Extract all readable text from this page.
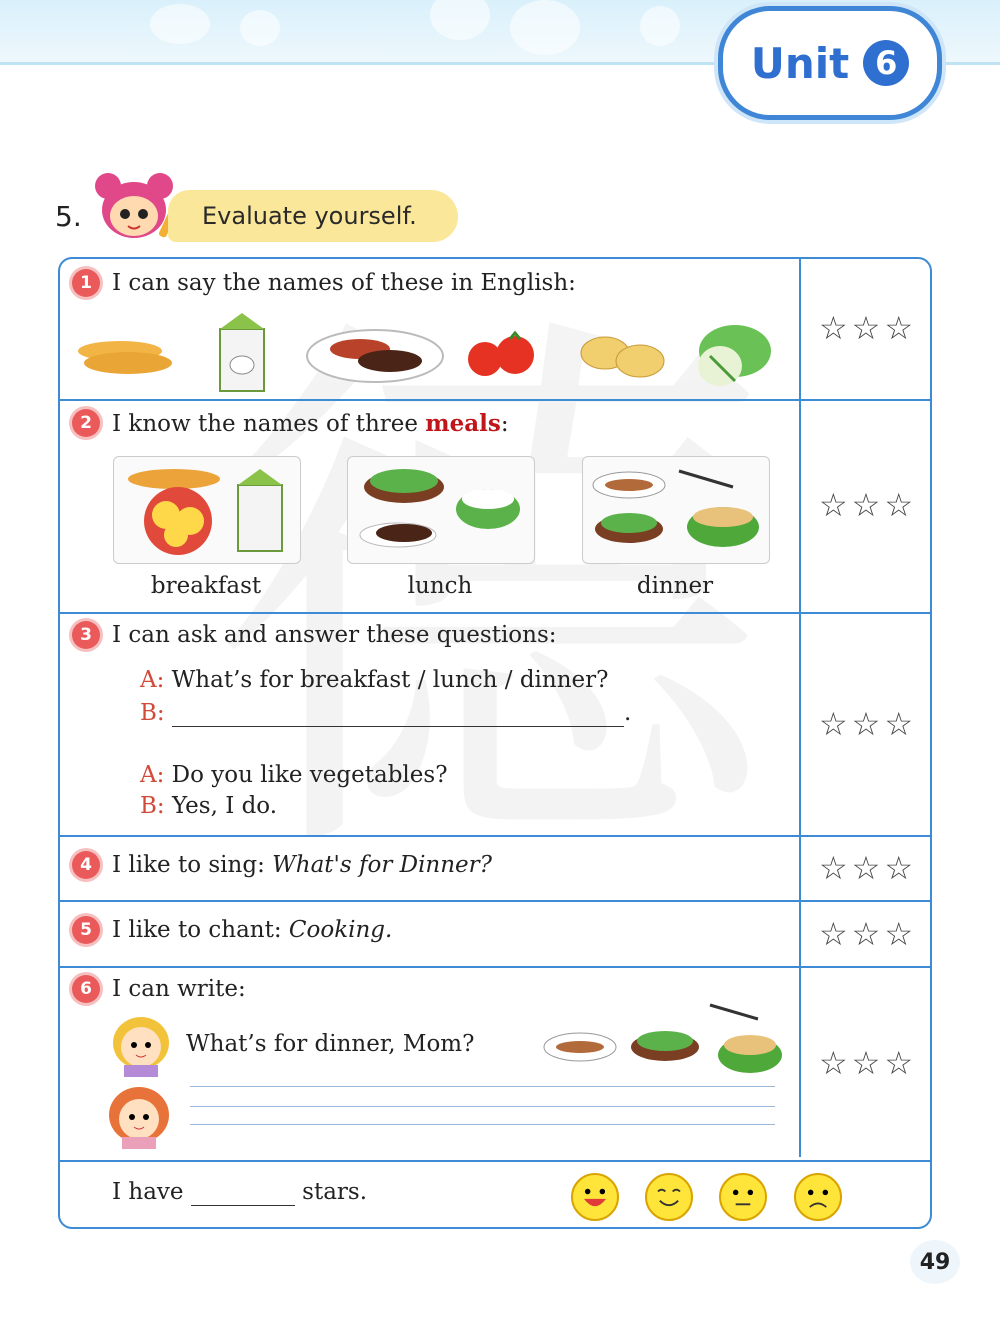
Unit 6
5.	Evaluate yourself.
1 I can say the names of these in English:
☆☆☆
2 I know the names of three meals:
breakfast	lunch	dinner
☆☆☆
3 I can ask and answer these questions:
A: What’s for breakfast / lunch / dinner?
B:	.
A: Do you like vegetables?
B: Yes, I do.
☆☆☆
4 I like to sing: What's for Dinner?	☆☆☆
5 I like to chant: Cooking.	☆☆☆
6 I can write:
What’s for dinner, Mom?	☆☆☆
I have	stars.
49
